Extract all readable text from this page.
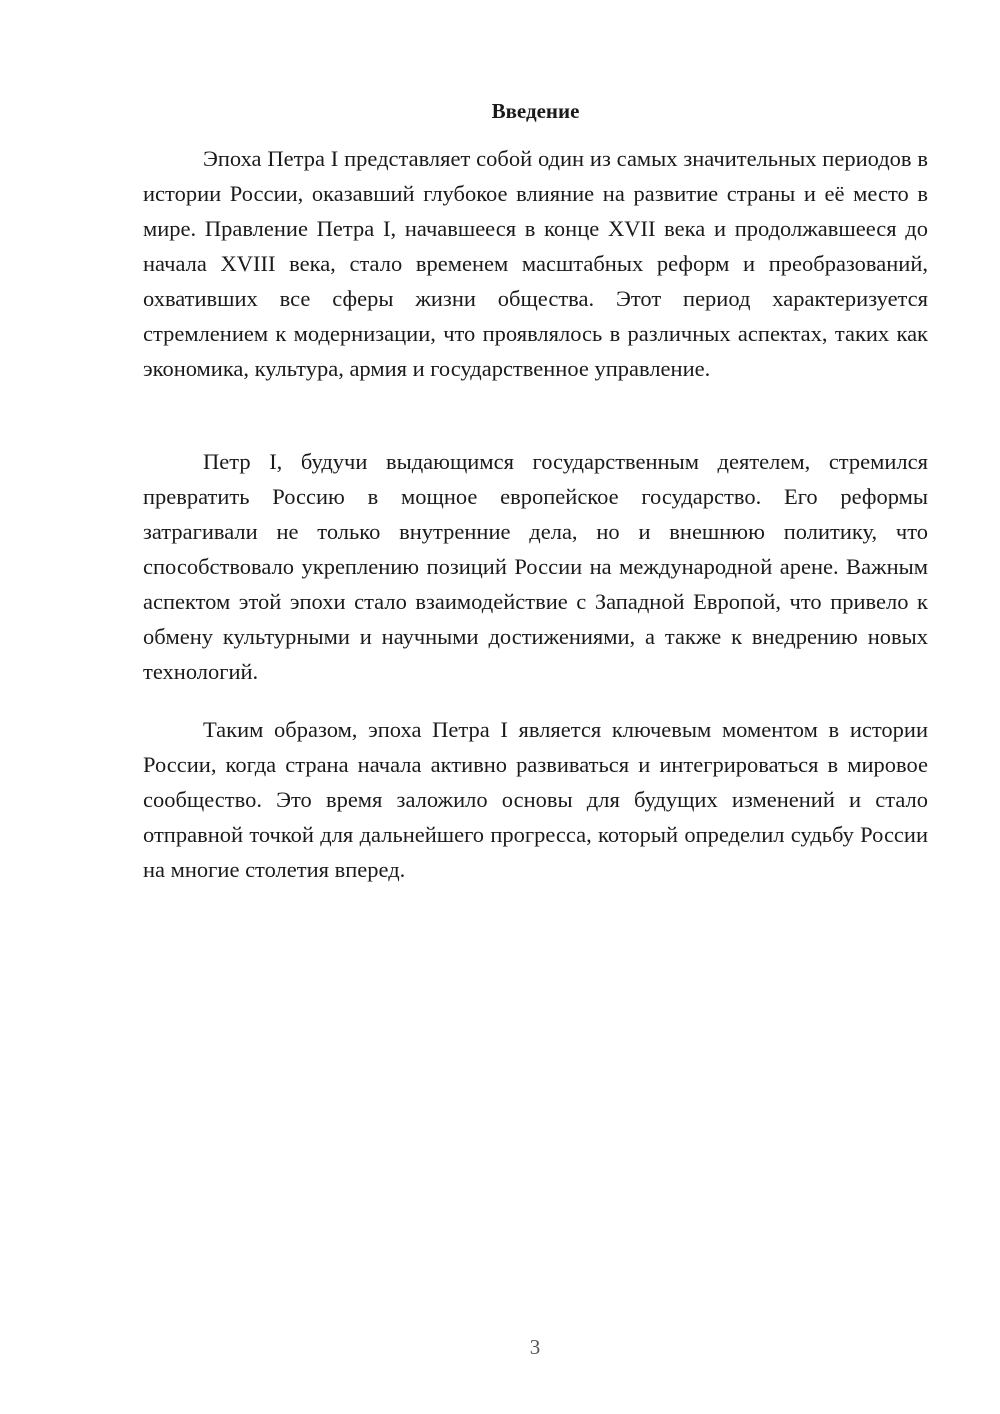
Введение

Эпоха Петра I представляет собой один из самых значительных периодов в истории России, оказавший глубокое влияние на развитие страны и её место в мире. Правление Петра I, начавшееся в конце XVII века и продолжавшееся до начала XVIII века, стало временем масштабных реформ и преобразований, охвативших все сферы жизни общества. Этот период характеризуется стремлением к модернизации, что проявлялось в различных аспектах, таких как экономика, культура, армия и государственное управление.

Петр I, будучи выдающимся государственным деятелем, стремился превратить Россию в мощное европейское государство. Его реформы затрагивали не только внутренние дела, но и внешнюю политику, что способствовало укреплению позиций России на международной арене. Важным аспектом этой эпохи стало взаимодействие с Западной Европой, что привело к обмену культурными и научными достижениями, а также к внедрению новых технологий.

Таким образом, эпоха Петра I является ключевым моментом в истории России, когда страна начала активно развиваться и интегрироваться в мировое сообщество. Это время заложило основы для будущих изменений и стало отправной точкой для дальнейшего прогресса, который определил судьбу России на многие столетия вперед.

3
